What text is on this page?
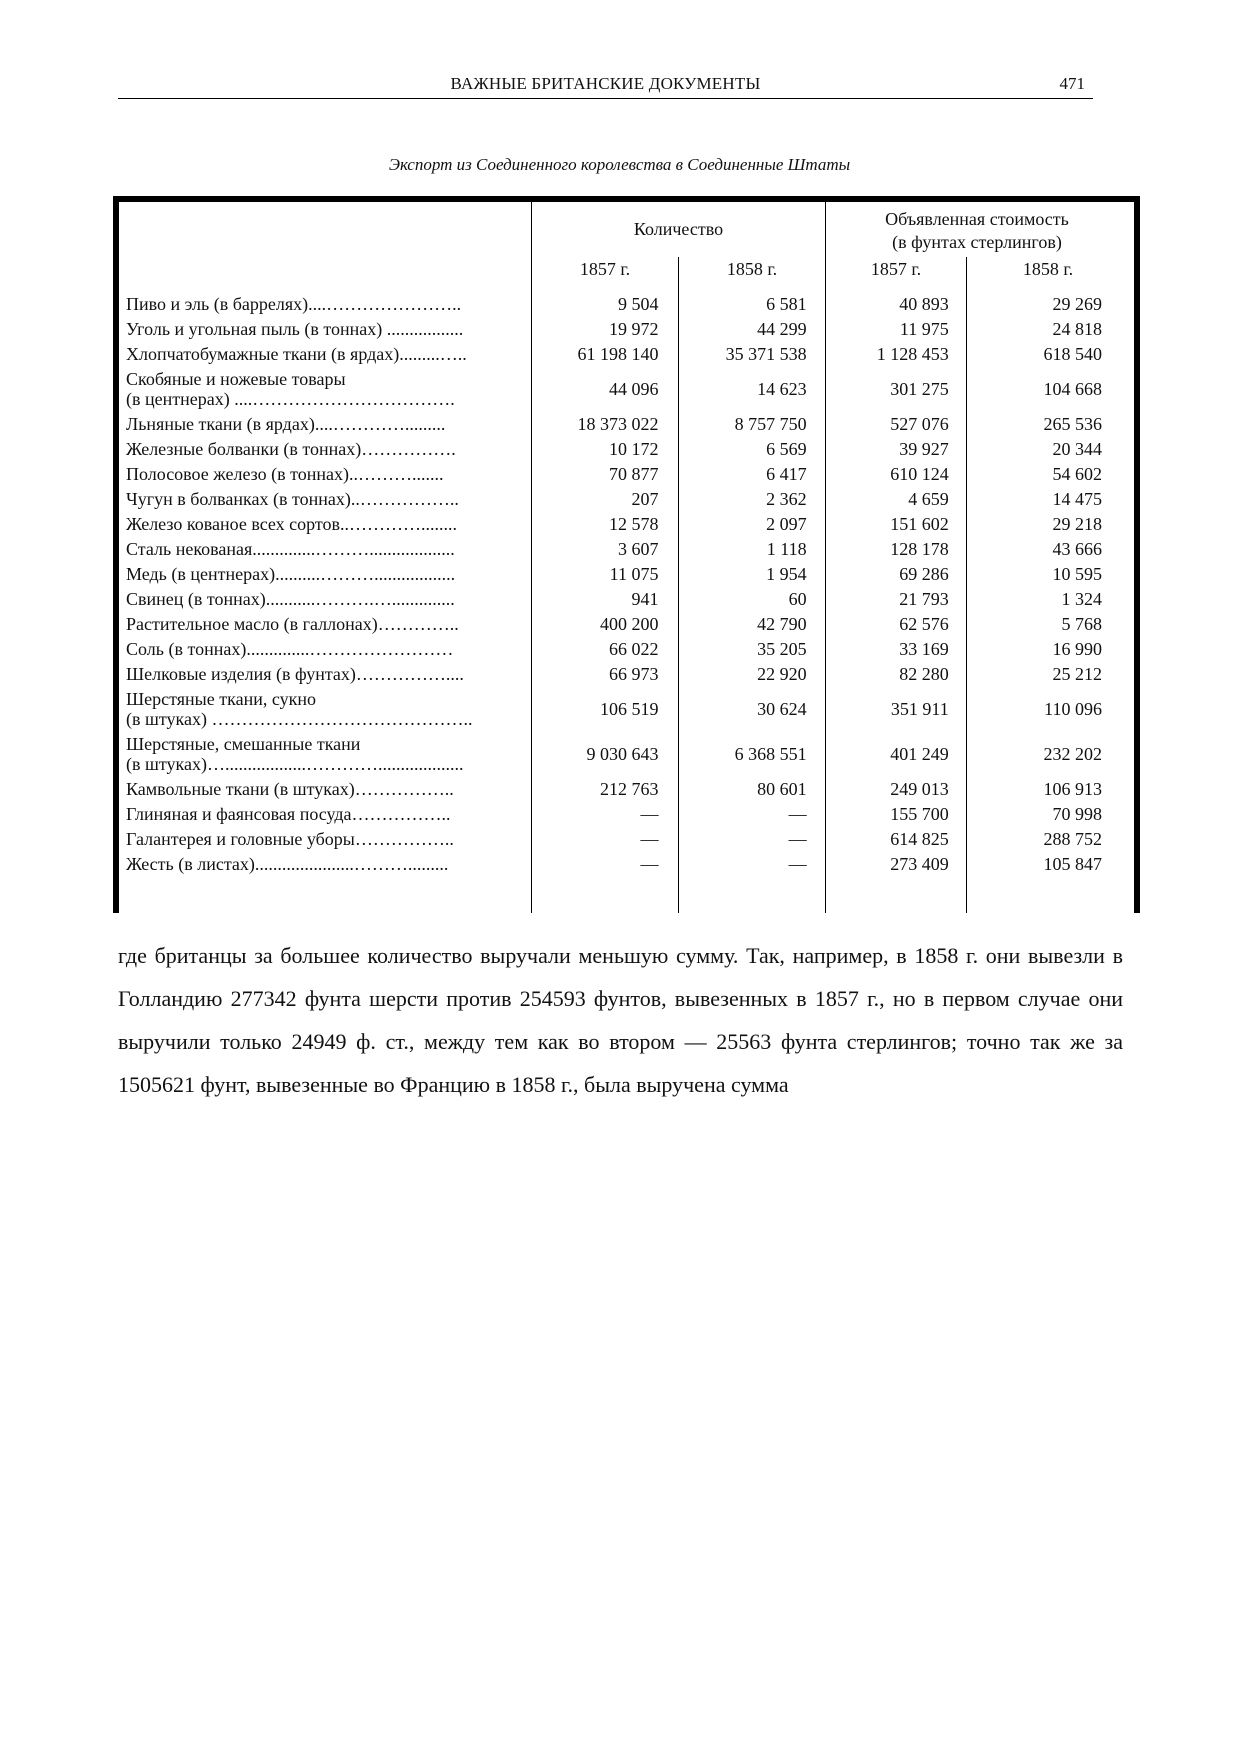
ВАЖНЫЕ БРИТАНСКИЕ ДОКУМЕНТЫ	471
Экспорт из Соединенного королевства в Соединенные Штаты
Количество	Объявленная стоимость
(в фунтах стерлингов)
1857 г.	1858 г.	1857 г.	1858 г.
Пиво и эль (в баррелях)....…………………..	9 504	6 581	40 893	29 269
Уголь и угольная пыль (в тоннах) .................	19 972	44 299	11 975	24 818
Хлопчатобумажные ткани (в ярдах).........…..	61 198 140	35 371 538	1 128 453	618 540
Скобяные и ножевые товары
(в центнерах) ....…………………………….	44 096	14 623	301 275	104 668
Льняные ткани (в ярдах)....………….........	18 373 022	8 757 750	527 076	265 536
Железные болванки (в тоннах)…………….	10 172	6 569	39 927	20 344
Полосовое железо (в тоннах)..……….......	70 877	6 417	610 124	54 602
Чугун в болванках (в тоннах)..……………..	207	2 362	4 659	14 475
Железо кованое всех сортов..…………........	12 578	2 097	151 602	29 218
Сталь некованая..............………...................	3 607	1 118	128 178	43 666
Медь (в центнерах)..........………..................	11 075	1 954	69 286	10 595
Свинец (в тоннах)...........……….…..............	941	60	21 793	1 324
Растительное масло (в галлонах)…………..	400 200	42 790	62 576	5 768
Соль (в тоннах)..............……………………	66 022	35 205	33 169	16 990
Шелковые изделия (в фунтах)……………....	66 973	22 920	82 280	25 212
Шерстяные ткани, сукно
(в штуках) ……………………………………..	106 519	30 624	351 911	110 096
Шерстяные, смешанные ткани
(в штуках)…..................…………...................	9 030 643	6 368 551	401 249	232 202
Камвольные ткани (в штуках)……………..	212 763	80 601	249 013	106 913
Глиняная и фаянсовая посуда……………..	—	—	155 700	70 998
Галантерея и головные уборы……………..	—	—	614 825	288 752
Жесть (в листах)......................……….........	—	—	273 409	105 847
где британцы за большее количество выручали меньшую сумму. Так, например, в 1858 г. они вывезли в Голландию 277342 фунта шерсти против 254593 фунтов, вывезенных в 1857 г., но в первом случае они выручили только 24949 ф. ст., между тем как во втором — 25563 фунта стерлингов; точно так же за 1505621 фунт, вывезенные во Францию в 1858 г., была выручена сумма
